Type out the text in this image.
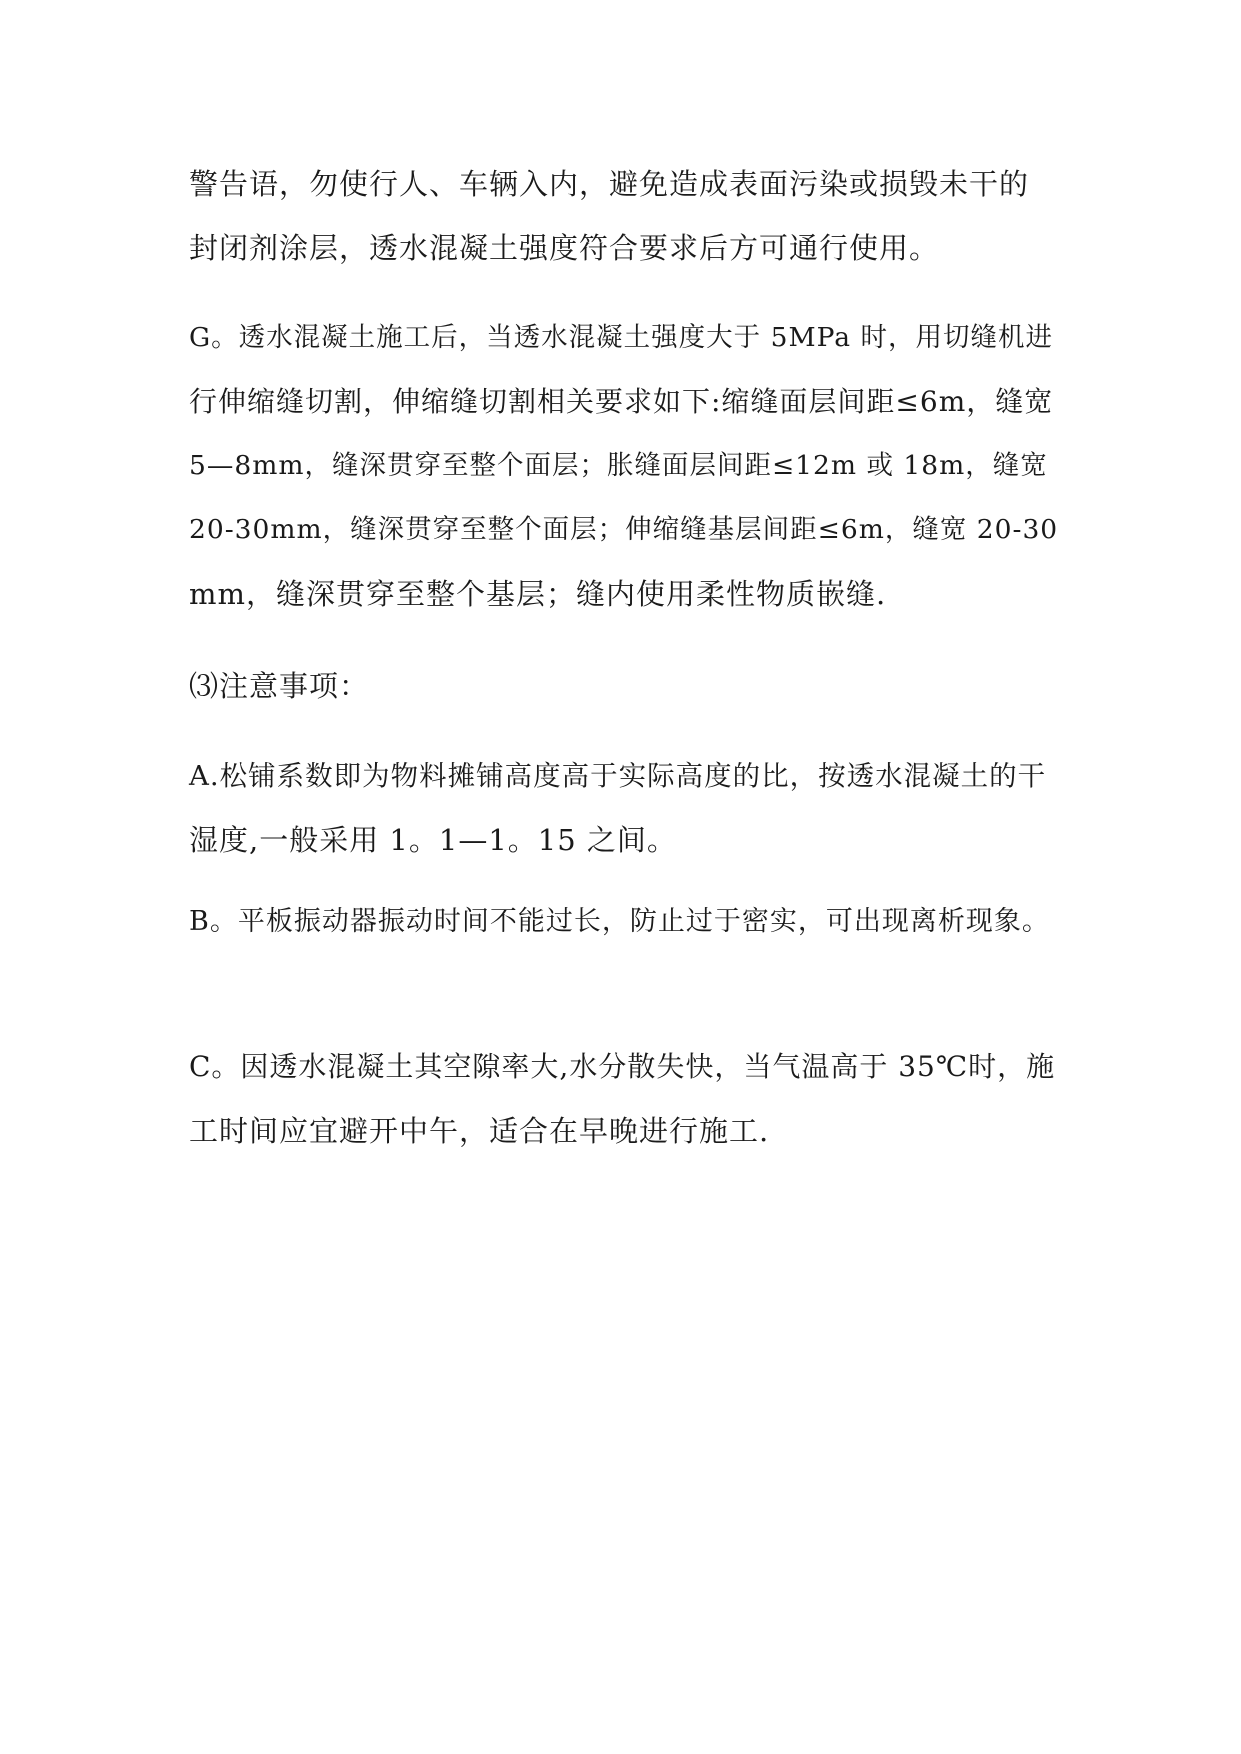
警告语，勿使行人、车辆入内，避免造成表面污染或损毁未干的
封闭剂涂层，透水混凝土强度符合要求后方可通行使用。

G。透水混凝土施工后，当透水混凝土强度大于 5MPa 时，用切缝机进
行伸缩缝切割，伸缩缝切割相关要求如下:缩缝面层间距≤6m，缝宽
5—8mm，缝深贯穿至整个面层；胀缝面层间距≤12m 或 18m，缝宽
20-30mm，缝深贯穿至整个面层；伸缩缝基层间距≤6m，缝宽 20-30
mm，缝深贯穿至整个基层；缝内使用柔性物质嵌缝.

⑶注意事项：

A.松铺系数即为物料摊铺高度高于实际高度的比，按透水混凝土的干
湿度,一般采用 1。1—1。15 之间。

B。平板振动器振动时间不能过长，防止过于密实，可出现离析现象。

C。因透水混凝土其空隙率大,水分散失快，当气温高于 35℃时，施
工时间应宜避开中午，适合在早晚进行施工.
